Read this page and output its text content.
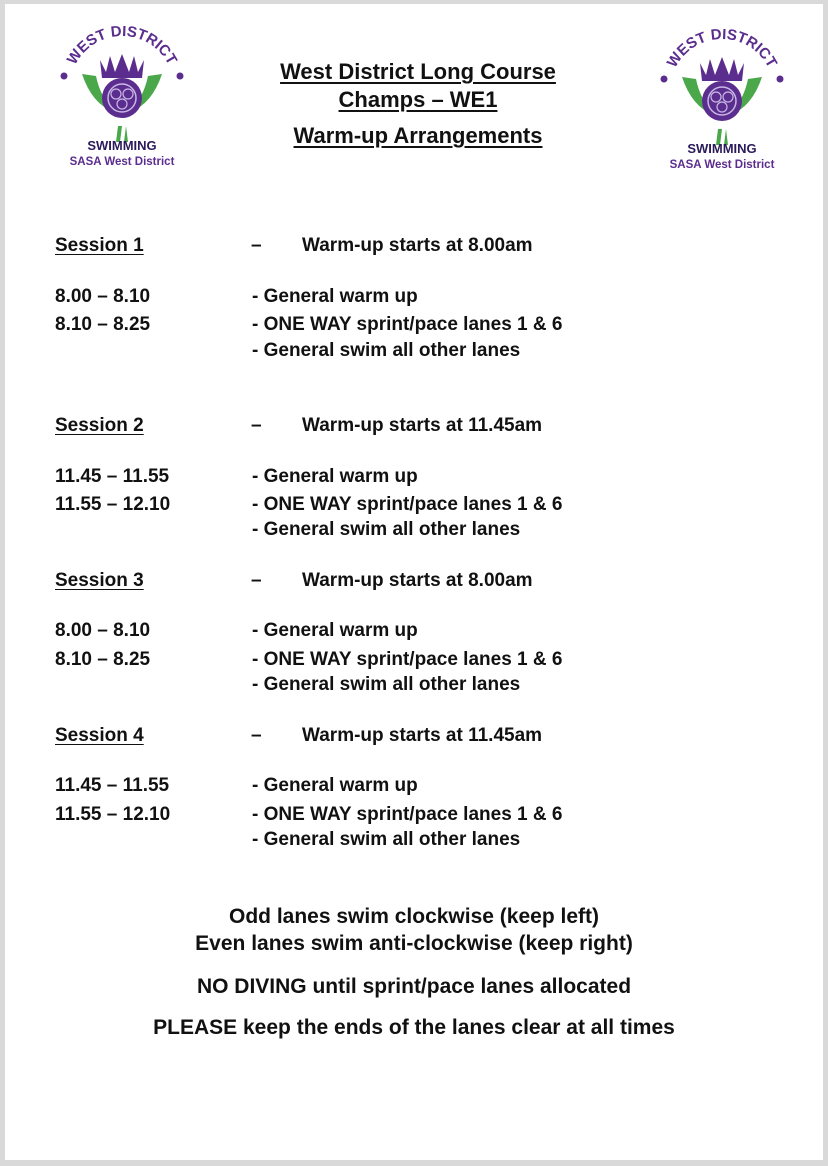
WEST DISTRICT
SWIMMING
SASA West District
WEST DISTRICT
SWIMMING
SASA West District
West District Long Course
Champs – WE1
Warm-up Arrangements
Session 1	– Warm-up starts at 8.00am
8.00 – 8.10	- General warm up
8.10 – 8.25	- ONE WAY sprint/pace lanes 1 & 6
- General swim all other lanes
Session 2	– Warm-up starts at 11.45am
11.45 – 11.55	- General warm up
11.55 – 12.10	- ONE WAY sprint/pace lanes 1 & 6
- General swim all other lanes
Session 3	– Warm-up starts at 8.00am
8.00 – 8.10	- General warm up
8.10 – 8.25	- ONE WAY sprint/pace lanes 1 & 6
- General swim all other lanes
Session 4	– Warm-up starts at 11.45am
11.45 – 11.55	- General warm up
11.55 – 12.10	- ONE WAY sprint/pace lanes 1 & 6
- General swim all other lanes
Odd lanes swim clockwise (keep left)
Even lanes swim anti-clockwise (keep right)
NO DIVING until sprint/pace lanes allocated
PLEASE keep the ends of the lanes clear at all times
